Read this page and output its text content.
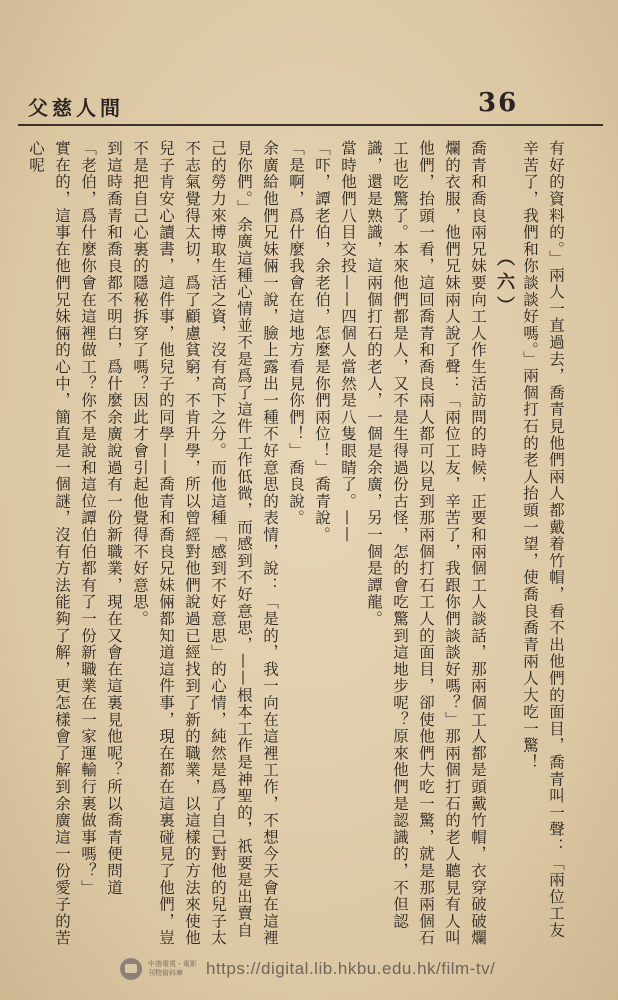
父慈人間	36

有好的資料的。」兩人一直過去，喬青見他們兩人都戴着竹帽，看不出他們的面目，喬青叫一聲：「兩位工友辛苦了，我們和你談談好嗎。」兩個打石的老人抬頭一望，使喬良喬青兩人大吃一驚！

（六）

喬青和喬良兩兄妹要向工人作生活訪問的時候，正要和兩個工人談話，那兩個工人都是頭戴竹帽，衣穿破破爛爛的衣服，他們兄妹兩人說了聲：「兩位工友，辛苦了，我跟你們談談好嗎？」那兩個打石的老人聽見有人叫他們，抬頭一看，這回喬青和喬良兩人都可以見到那兩個打石工人的面目，卻使他們大吃一驚，就是那兩個石工也吃驚了。本來他們都是人，又不是生得過份古怪，怎的會吃驚到這地步呢？原來他們是認識的，不但認識，還是熟識，這兩個打石的老人，一個是余廣，另一個是譚龍。

當時他們八目交投——四個人當然是八隻眼睛了。——

「吓，譚老伯，余老伯，怎麼是你們兩位！」喬青說。

「是啊，爲什麼我會在這地方看見你們！」喬良說。

余廣給他們兄妹倆一說，臉上露出一種不好意思的表情，說：「是的，我一向在這裡工作，不想今天會在這裡見你們。」余廣這種心情並不是爲了這件工作低微，而感到不好意思，——根本工作是神聖的，祇要是出賣自己的勞力來博取生活之資，沒有高下之分。而他這種「感到不好意思」的心情，純然是爲了自己對他的兒子太不志氣覺得太切，爲了顧慮貧窮，不肯升學，所以曾經對他們說過已經找到了新的職業，以這樣的方法來使他兒子肯安心讀書，這件事，他兒子的同學——喬青和喬良兄妹倆都知道這件事，現在都在這裏碰見了他們，豈不是把自己心裏的隱秘拆穿了嗎？因此才會引起他覺得不好意思。

到這時喬青和喬良都不明白，爲什麼余廣說過有一份新職業，現在又會在這裏見他呢？所以喬青便問道

「老伯，爲什麼你會在這裡做工？你不是說和這位譚伯伯都有了一份新職業在一家運輸行裏做事嗎？」

實在的，這事在他們兄妹倆的心中，簡直是一個謎，沒有方法能夠了解，更怎樣會了解到余廣這一份愛子的苦心呢

中港電視・電影
刊物資料庫	https://digital.lib.hkbu.edu.hk/film-tv/
